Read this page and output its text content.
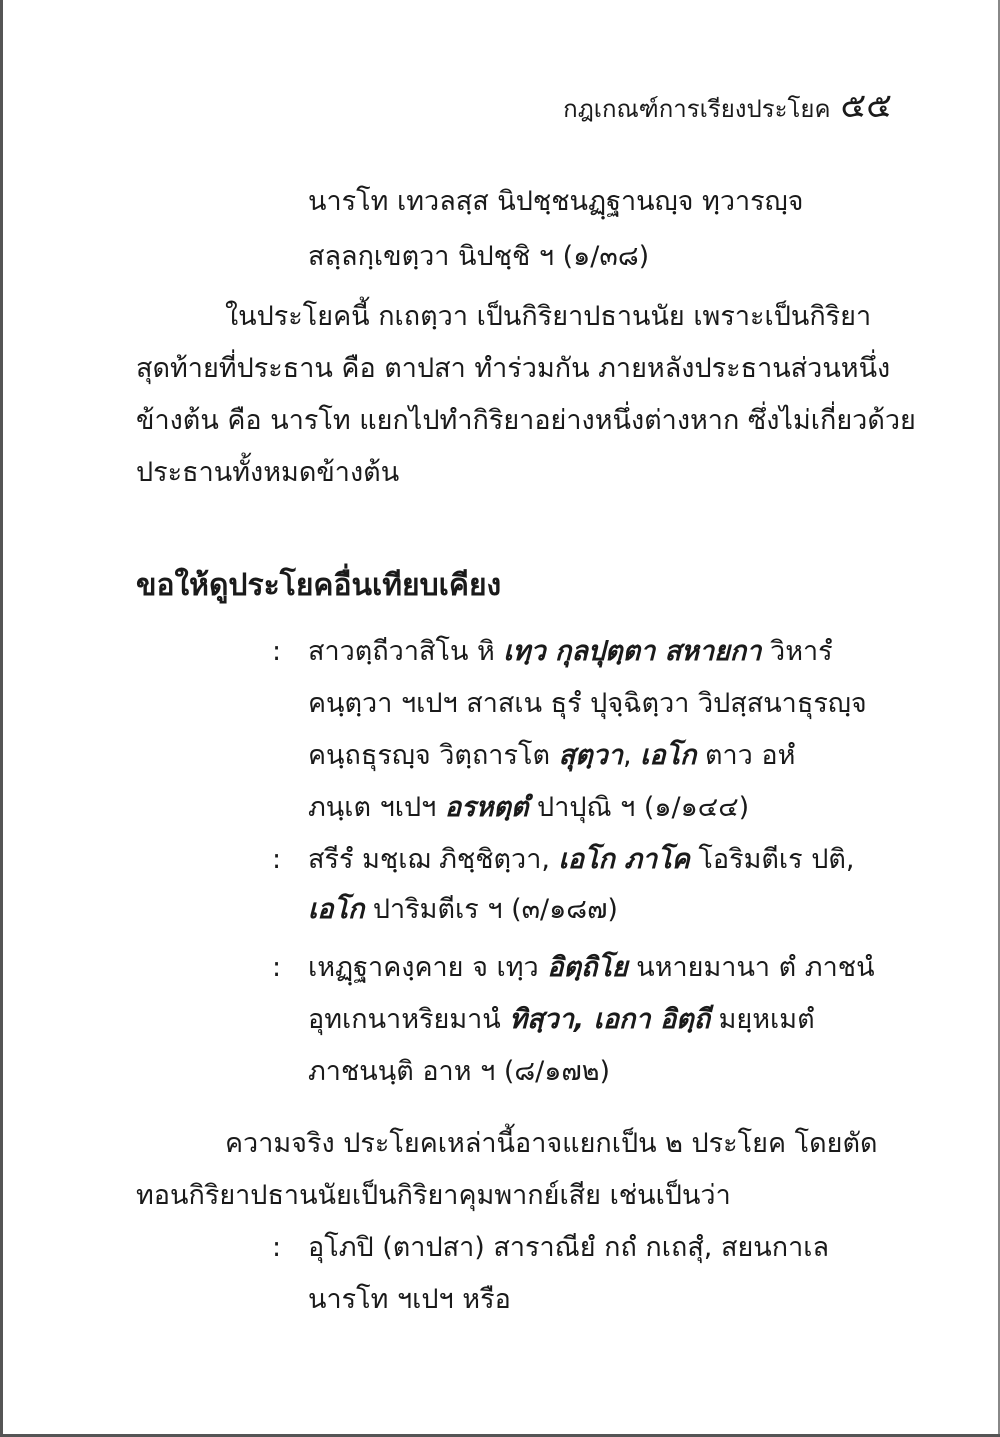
กฎเกณฑ์การเรียงประโยค ๕๕
นารโท เทวลสฺส นิปชฺชนฏฺฐานญฺจ ทฺวารญฺจ
สลฺลกฺเขตฺวา นิปชฺชิ ฯ (๑/๓๘)
ในประโยคนี้ กเถตฺวา เป็นกิริยาปธานนัย เพราะเป็นกิริยา
สุดท้ายที่ประธาน คือ ตาปสา ทำร่วมกัน ภายหลังประธานส่วนหนึ่ง
ข้างต้น คือ นารโท แยกไปทำกิริยาอย่างหนึ่งต่างหาก ซึ่งไม่เกี่ยวด้วย
ประธานทั้งหมดข้างต้น
ขอให้ดูประโยคอื่นเทียบเคียง
: สาวตฺถีวาสิโน หิ เทฺว กุลปุตฺตา สหายกา วิหารํ
คนฺตฺวา ฯเปฯ สาสเน ธุรํ ปุจฺฉิตฺวา วิปสฺสนาธุรญฺจ
คนฺถธุรญฺจ วิตฺถารโต สุตฺวา, เอโก ตาว อหํ
ภนฺเต ฯเปฯ อรหตฺตํ ปาปุณิ ฯ (๑/๑๔๔)
: สรีรํ มชฺเฌ ภิชฺชิตฺวา, เอโก ภาโค โอริมตีเร ปติ,
เอโก ปาริมตีเร ฯ (๓/๑๘๗)
: เหฏฺฐาคงฺคาย จ เทฺว อิตฺถิโย นหายมานา ตํ ภาชนํ
อุทเกนาหริยมานํ ทิสฺวา, เอกา อิตฺถี มยฺหเมตํ
ภาชนนฺติ อาห ฯ (๘/๑๗๒)
ความจริง ประโยคเหล่านี้อาจแยกเป็น ๒ ประโยค โดยตัด
ทอนกิริยาปธานนัยเป็นกิริยาคุมพากย์เสีย เช่นเป็นว่า
: อุโภปิ (ตาปสา) สาราณียํ กถํ กเถสุํ, สยนกาเล
นารโท ฯเปฯ หรือ
